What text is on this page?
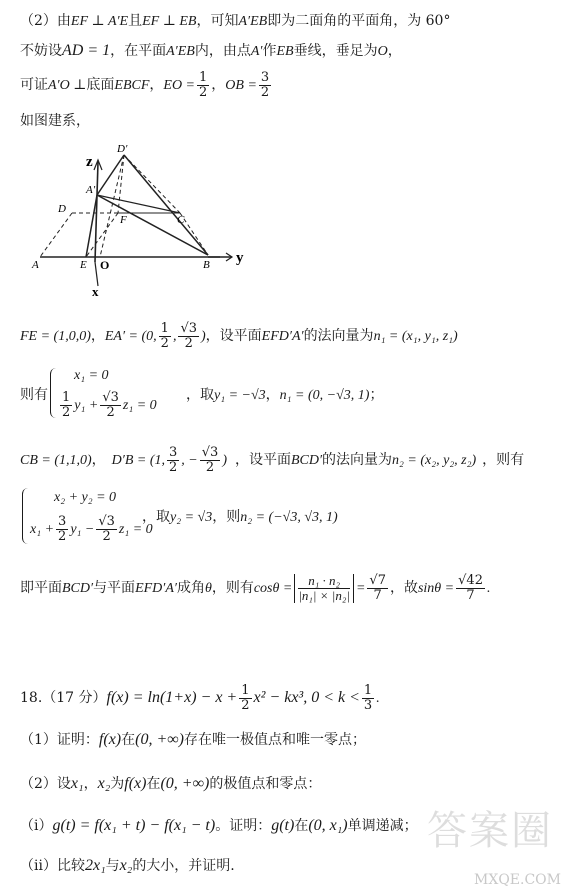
（2）由EF ⊥ A′E且EF ⊥ EB，可知A′EB即为二面角的平面角，为 60°
不妨设AD = 1，在平面A′EB内，由点A′作EB垂线，垂足为O，
可证A′O ⊥底面EBCF，EO = $\frac{1}{2}$ ，OB = $\frac{3}{2}$
如图建系，
z
y
x
D′
A′
D
F	C
A	E O	B
FE = (1,0,0)，EA′ = (0, $\frac{1}{2}$ , $\frac{√3}{2}$ )，设平面EFD′A′的法向量为n₁ = (x₁, y₁, z₁)
则有
x₁ = 0
$\frac{1}{2} y_1 + \frac{√3}{2} z_1 = 0$
，取y₁ = −√3，n₁ = (0, −√3, 1)；
CB = (1,1,0)， D′B = (1, $\frac{3}{2}$ , − $\frac{√3}{2}$ ) ，设平面BCD′的法向量为n₂ = (x₂, y₂, z₂) ，则有
x₂ + y₂ = 0
$x_1 + \frac{3}{2} y_1 - \frac{√3}{2} z_1 = 0$
，取y₂ = √3，则n₂ = (−√3, √3, 1)
即平面BCD′与平面EFD′A′成角θ，则有$\cos\theta = \frac{\text{n₁ · n₂}}{\text{|n₁| × |n₂|}} = \frac{√7}{7}$ ，故$\sin\theta = \frac{√42}{7}$ .
18.（17 分）$f(x) = \ln(1+x) - x + \frac{1}{2} x^2 - kx^3$, $0 < k < \frac{1}{3}$ .
（1）证明：f(x)在(0, +∞)存在唯一极值点和唯一零点；
（2）设x₁，x₂为f(x)在(0, +∞)的极值点和零点：
（ⅰ）g(t) = f(x₁ + t) − f(x₁ − t)。证明：g(t)在(0, x₁)单调递减；
（ⅱ）比较2x₁与x₂的大小，并证明.
答案圈
MXQE.COM
